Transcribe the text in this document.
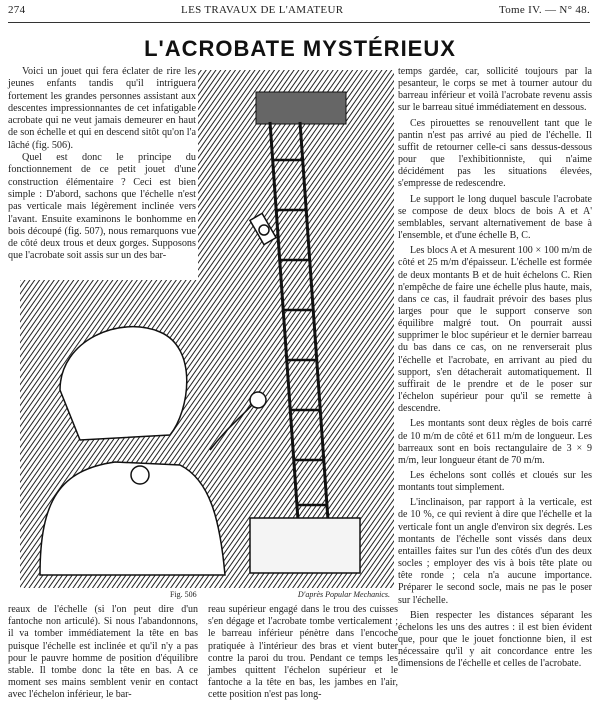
274	LES TRAVAUX DE L'AMATEUR	Tome IV. — N° 48.
L'ACROBATE MYSTÉRIEUX

Voici un jouet qui fera éclater de rire les jeunes enfants tandis qu'il intriguera fortement les grandes personnes assistant aux descentes impressionnantes de cet infatigable acrobate qui ne veut jamais demeurer en haut de son échelle et qui en descend sitôt qu'on l'a lâché (fig. 506).

Quel est donc le principe du fonctionnement de ce petit jouet d'une construction élémentaire ? Ceci est bien simple : D'abord, sachons que l'échelle n'est pas verticale mais légèrement inclinée vers l'avant. Ensuite examinons le bonhomme en bois découpé (fig. 507), nous remarquons vue de côté deux trous et deux gorges. Supposons que l'acrobate soit assis sur un des bar-

Fig. 506	D'après Popular Mechanics.

temps gardée, car, sollicité toujours par la pesanteur, le corps se met à tourner autour du barreau inférieur et voilà l'acrobate revenu assis sur le barreau situé immédiatement en dessous.

Ces pirouettes se renouvellent tant que le pantin n'est pas arrivé au pied de l'échelle. Il suffit de retourner celle-ci sans dessus-dessous pour que l'exhibitionniste, qui n'aime décidément pas les situations élevées, s'empresse de redescendre.

Le support le long duquel bascule l'acrobate se compose de deux blocs de bois A et A' semblables, servant alternativement de base à l'ensemble, et d'une échelle B, C.

Les blocs A et A mesurent 100 × 100 m/m de côté et 25 m/m d'épaisseur. L'échelle est formée de deux montants B et de huit échelons C. Rien n'empêche de faire une échelle plus haute, mais, dans ce cas, il faudrait prévoir des bases plus larges pour que le support conserve son équilibre malgré tout. On pourrait aussi supprimer le bloc supérieur et le dernier barreau du bas dans ce cas, on ne renverserait plus l'échelle et l'acrobate, en arrivant au pied du support, s'en détacherait automatiquement. Il suffirait de le prendre et de le poser sur l'échelon supérieur pour qu'il se remette à descendre.

Les montants sont deux règles de bois carré de 10 m/m de côté et 611 m/m de longueur. Les barreaux sont en bois rectangulaire de 3 × 9 m/m, leur longueur étant de 70 m/m.

Les échelons sont collés et cloués sur les montants tout simplement.

L'inclinaison, par rapport à la verticale, est de 10 %, ce qui revient à dire que l'échelle et la verticale font un angle d'environ six degrés. Les montants de l'échelle sont vissés dans deux entailles faites sur l'un des côtés d'un des deux socles ; employer des vis à bois tête plate ou tête ronde ; cela n'a aucune importance. Préparer le second socle, mais ne pas le poser sur l'échelle.

Bien respecter les distances séparant les échelons les uns des autres : il est bien évident que, pour que le jouet fonctionne bien, il est nécessaire qu'il y ait concordance entre les dimensions de l'échelle et celles de l'acrobate.

reaux de l'échelle (si l'on peut dire d'un fantoche non articulé). Si nous l'abandonnons, il va tomber immédiatement la tête en bas puisque l'échelle est inclinée et qu'il n'y a pas pour le pauvre homme de position d'équilibre stable. Il tombe donc la tête en bas. A ce moment ses mains semblent venir en contact avec l'échelon inférieur, le bar-

reau supérieur engagé dans le trou des cuisses s'en dégage et l'acrobate tombe verticalement ; le barreau inférieur pénètre dans l'encoche pratiquée à l'intérieur des bras et vient buter contre la paroi du trou. Pendant ce temps les jambes quittent l'échelon supérieur et le fantoche a la tête en bas, les jambes en l'air, cette position n'est pas long-
